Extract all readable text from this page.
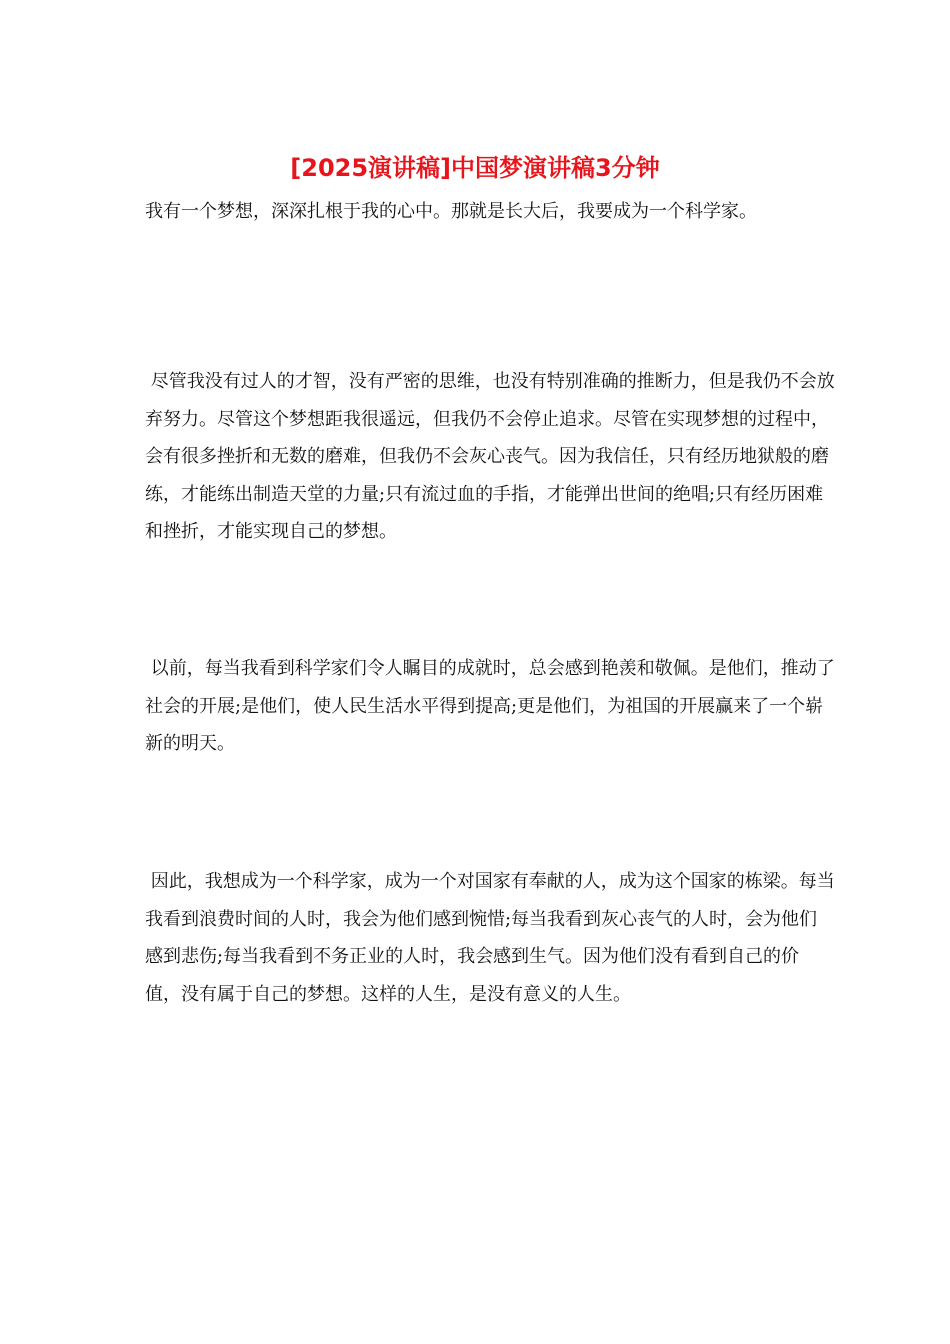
[2025演讲稿]中国梦演讲稿3分钟

我有一个梦想，深深扎根于我的心中。那就是长大后，我要成为一个科学家。

尽管我没有过人的才智，没有严密的思维，也没有特别准确的推断力，但是我仍不会放弃努力。尽管这个梦想距我很遥远，但我仍不会停止追求。尽管在实现梦想的过程中，会有很多挫折和无数的磨难，但我仍不会灰心丧气。因为我信任，只有经历地狱般的磨练，才能练出制造天堂的力量;只有流过血的手指，才能弹出世间的绝唱;只有经历困难和挫折，才能实现自己的梦想。

以前，每当我看到科学家们令人瞩目的成就时，总会感到艳羡和敬佩。是他们，推动了社会的开展;是他们，使人民生活水平得到提高;更是他们，为祖国的开展赢来了一个崭新的明天。

因此，我想成为一个科学家，成为一个对国家有奉献的人，成为这个国家的栋梁。每当我看到浪费时间的人时，我会为他们感到惋惜;每当我看到灰心丧气的人时，会为他们感到悲伤;每当我看到不务正业的人时，我会感到生气。因为他们没有看到自己的价值，没有属于自己的梦想。这样的人生，是没有意义的人生。
